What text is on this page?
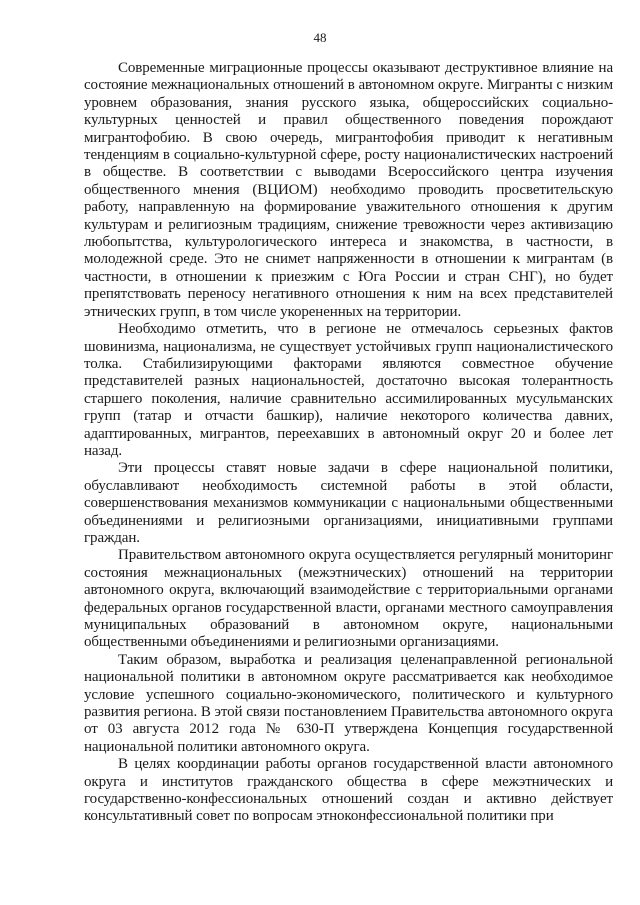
48

Современные миграционные процессы оказывают деструктивное влияние на состояние межнациональных отношений в автономном округе. Мигранты с низким уровнем образования, знания русского языка, общероссийских социально-культурных ценностей и правил общественного поведения порождают мигрантофобию. В свою очередь, мигрантофобия приводит к негативным тенденциям в социально-культурной сфере, росту националистических настроений в обществе. В соответствии с выводами Всероссийского центра изучения общественного мнения (ВЦИОМ) необходимо проводить просветительскую работу, направленную на формирование уважительного отношения к другим культурам и религиозным традициям, снижение тревожности через активизацию любопытства, культурологического интереса и знакомства, в частности, в молодежной среде. Это не снимет напряженности в отношении к мигрантам (в частности, в отношении к приезжим с Юга России и стран СНГ), но будет препятствовать переносу негативного отношения к ним на всех представителей этнических групп, в том числе укорененных на территории.

Необходимо отметить, что в регионе не отмечалось серьезных фактов шовинизма, национализма, не существует устойчивых групп националистического толка. Стабилизирующими факторами являются совместное обучение представителей разных национальностей, достаточно высокая толерантность старшего поколения, наличие сравнительно ассимилированных мусульманских групп (татар и отчасти башкир), наличие некоторого количества давних, адаптированных, мигрантов, переехавших в автономный округ 20 и более лет назад.

Эти процессы ставят новые задачи в сфере национальной политики, обуславливают необходимость системной работы в этой области, совершенствования механизмов коммуникации с национальными общественными объединениями и религиозными организациями, инициативными группами граждан.

Правительством автономного округа осуществляется регулярный мониторинг состояния межнациональных (межэтнических) отношений на территории автономного округа, включающий взаимодействие с территориальными органами федеральных органов государственной власти, органами местного самоуправления муниципальных образований в автономном округе, национальными общественными объединениями и религиозными организациями.

Таким образом, выработка и реализация целенаправленной региональной национальной политики в автономном округе рассматривается как необходимое условие успешного социально-экономического, политического и культурного развития региона. В этой связи постановлением Правительства автономного округа от 03 августа 2012 года № 630-П утверждена Концепция государственной национальной политики автономного округа.

В целях координации работы органов государственной власти автономного округа и институтов гражданского общества в сфере межэтнических и государственно-конфессиональных отношений создан и активно действует консультативный совет по вопросам этноконфессиональной политики при
